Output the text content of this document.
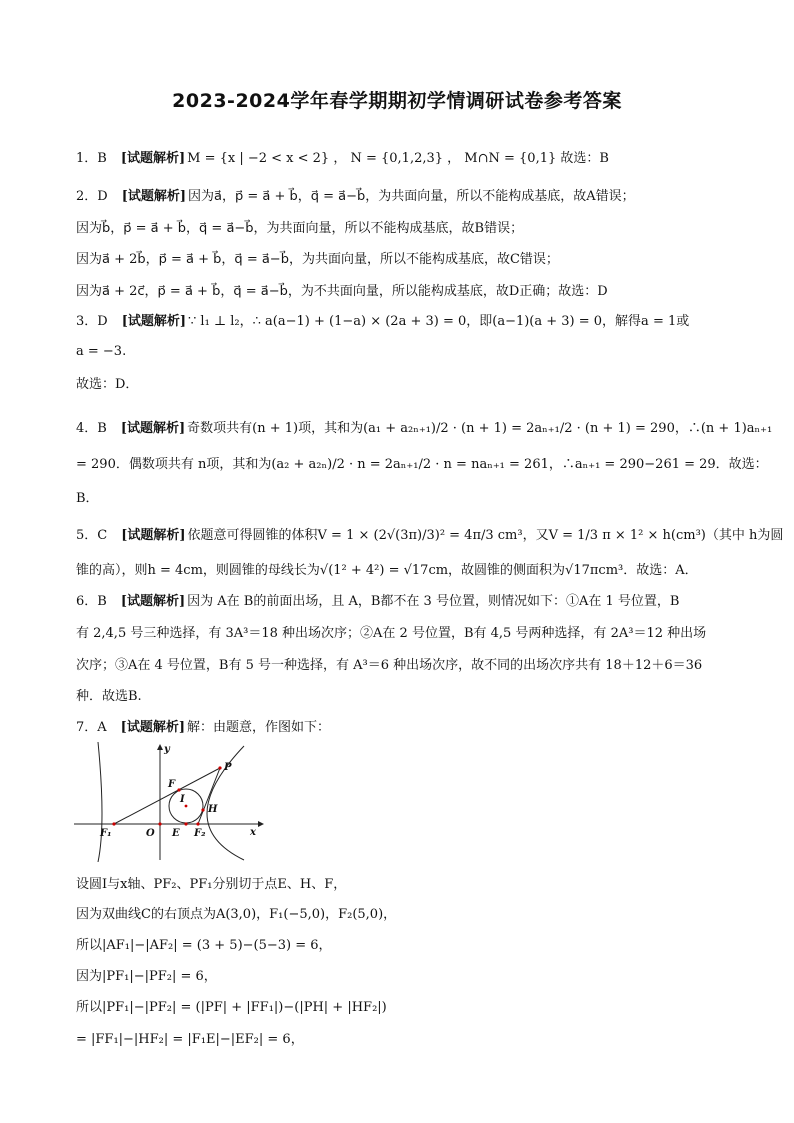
2023-2024学年春学期期初学情调研试卷参考答案
1．B [试题解析] M = {x | −2 < x < 2} ， N = {0,1,2,3} ， M∩N = {0,1} 故选：B
2．D [试题解析] 因为a⃗，p⃗ = a⃗ + b⃗，q⃗ = a⃗−b⃗，为共面向量，所以不能构成基底，故A错误；
因为b⃗，p⃗ = a⃗ + b⃗，q⃗ = a⃗−b⃗，为共面向量，所以不能构成基底，故B错误；
因为a⃗ + 2b⃗，p⃗ = a⃗ + b⃗，q⃗ = a⃗−b⃗，为共面向量，所以不能构成基底，故C错误；
因为a⃗ + 2c⃗，p⃗ = a⃗ + b⃗，q⃗ = a⃗−b⃗，为不共面向量，所以能构成基底，故D正确；故选：D
3．D [试题解析] ∵ l₁ ⊥ l₂，∴ a(a−1) + (1−a) × (2a + 3) = 0，即(a−1)(a + 3) = 0，解得a = 1或
a = −3.
故选：D．
4．B [试题解析] 奇数项共有(n + 1)项，其和为(a₁ + a₂ₙ₊₁)/2 · (n + 1) = 2aₙ₊₁/2 · (n + 1) = 290，∴(n + 1)aₙ₊₁
= 290．偶数项共有 n项，其和为(a₂ + a₂ₙ)/2 · n = 2aₙ₊₁/2 · n = naₙ₊₁ = 261，∴aₙ₊₁ = 290−261 = 29．故选：
B．
5．C [试题解析] 依题意可得圆锥的体积V = 1 × (2√(3π)/3)² = 4π/3 cm³，又V = 1/3 π × 1² × h(cm³)（其中 h为圆
锥的高），则h = 4cm，则圆锥的母线长为√(1² + 4²) = √17cm，故圆锥的侧面积为√17πcm³．故选：A．
6．B [试题解析] 因为 A在 B的前面出场，且 A，B都不在 3 号位置，则情况如下：①A在 1 号位置，B
有 2,4,5 号三种选择，有 3A³＝18 种出场次序；②A在 2 号位置，B有 4,5 号两种选择，有 2A³＝12 种出场
次序；③A在 4 号位置，B有 5 号一种选择，有 A³＝6 种出场次序，故不同的出场次序共有 18＋12＋6＝36
种．故选B.
7．A [试题解析] 解：由题意，作图如下：
y
x
P
F
I
H
F₁	O E F₂
设圆I与x轴、PF₂、PF₁分别切于点E、H、F，
因为双曲线C的右顶点为A(3,0)，F₁(−5,0)，F₂(5,0)，
所以|AF₁|−|AF₂| = (3 + 5)−(5−3) = 6，
因为|PF₁|−|PF₂| = 6，
所以|PF₁|−|PF₂| = (|PF| + |FF₁|)−(|PH| + |HF₂|)
= |FF₁|−|HF₂| = |F₁E|−|EF₂| = 6，
